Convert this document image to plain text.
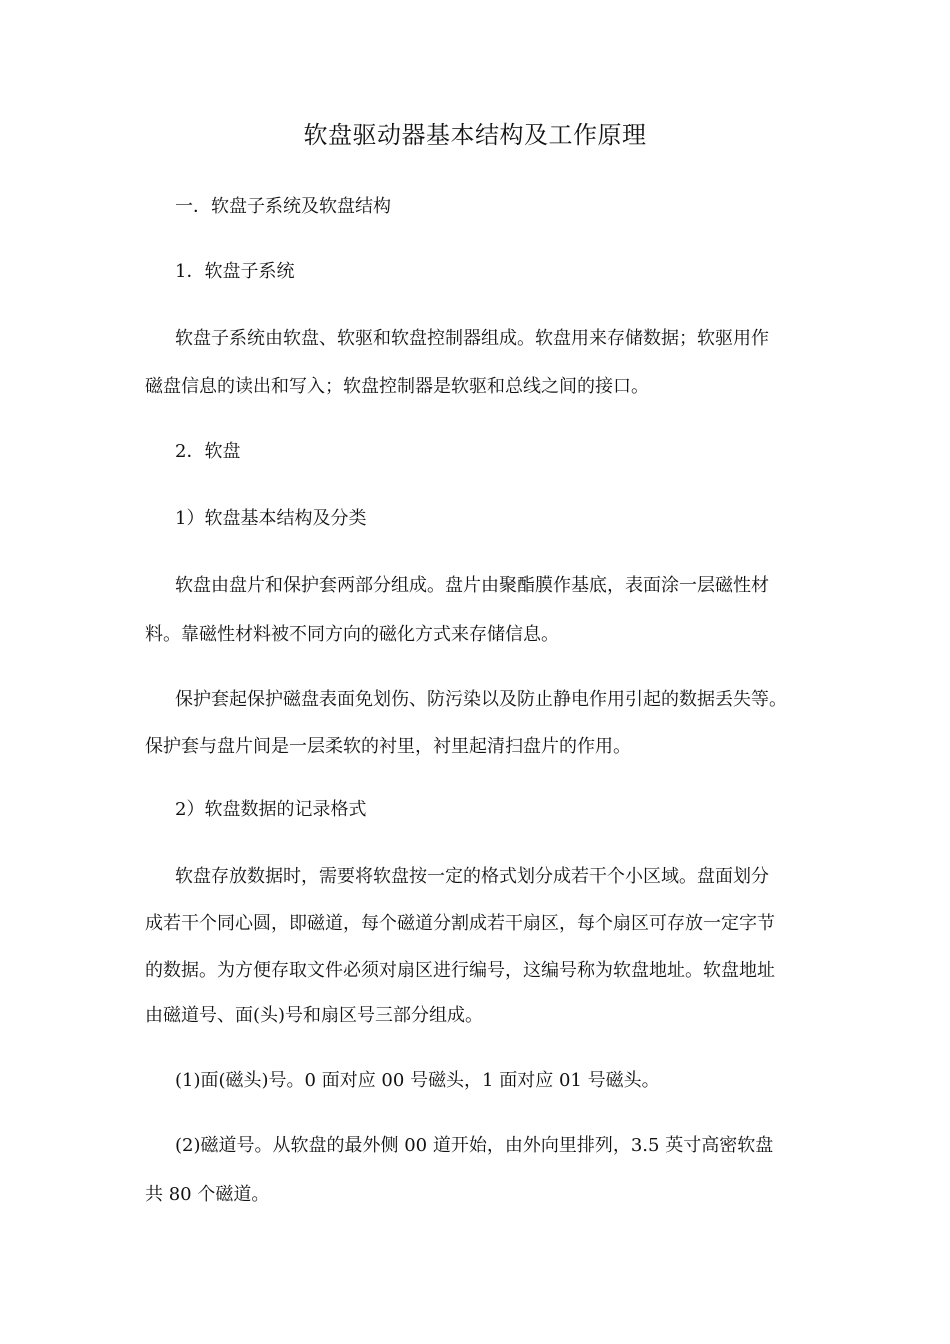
软盘驱动器基本结构及工作原理
一．软盘子系统及软盘结构
1．软盘子系统
软盘子系统由软盘、软驱和软盘控制器组成。软盘用来存储数据；软驱用作
磁盘信息的读出和写入；软盘控制器是软驱和总线之间的接口。
2．软盘
1）软盘基本结构及分类
软盘由盘片和保护套两部分组成。盘片由聚酯膜作基底，表面涂一层磁性材
料。靠磁性材料被不同方向的磁化方式来存储信息。
保护套起保护磁盘表面免划伤、防污染以及防止静电作用引起的数据丢失等。
保护套与盘片间是一层柔软的衬里，衬里起清扫盘片的作用。
2）软盘数据的记录格式
软盘存放数据时，需要将软盘按一定的格式划分成若干个小区域。盘面划分
成若干个同心圆，即磁道，每个磁道分割成若干扇区，每个扇区可存放一定字节
的数据。为方便存取文件必须对扇区进行编号，这编号称为软盘地址。软盘地址
由磁道号、面(头)号和扇区号三部分组成。
(1)面(磁头)号。0 面对应 00 号磁头，1 面对应 01 号磁头。
(2)磁道号。从软盘的最外侧 00 道开始，由外向里排列，3.5 英寸高密软盘
共 80 个磁道。
